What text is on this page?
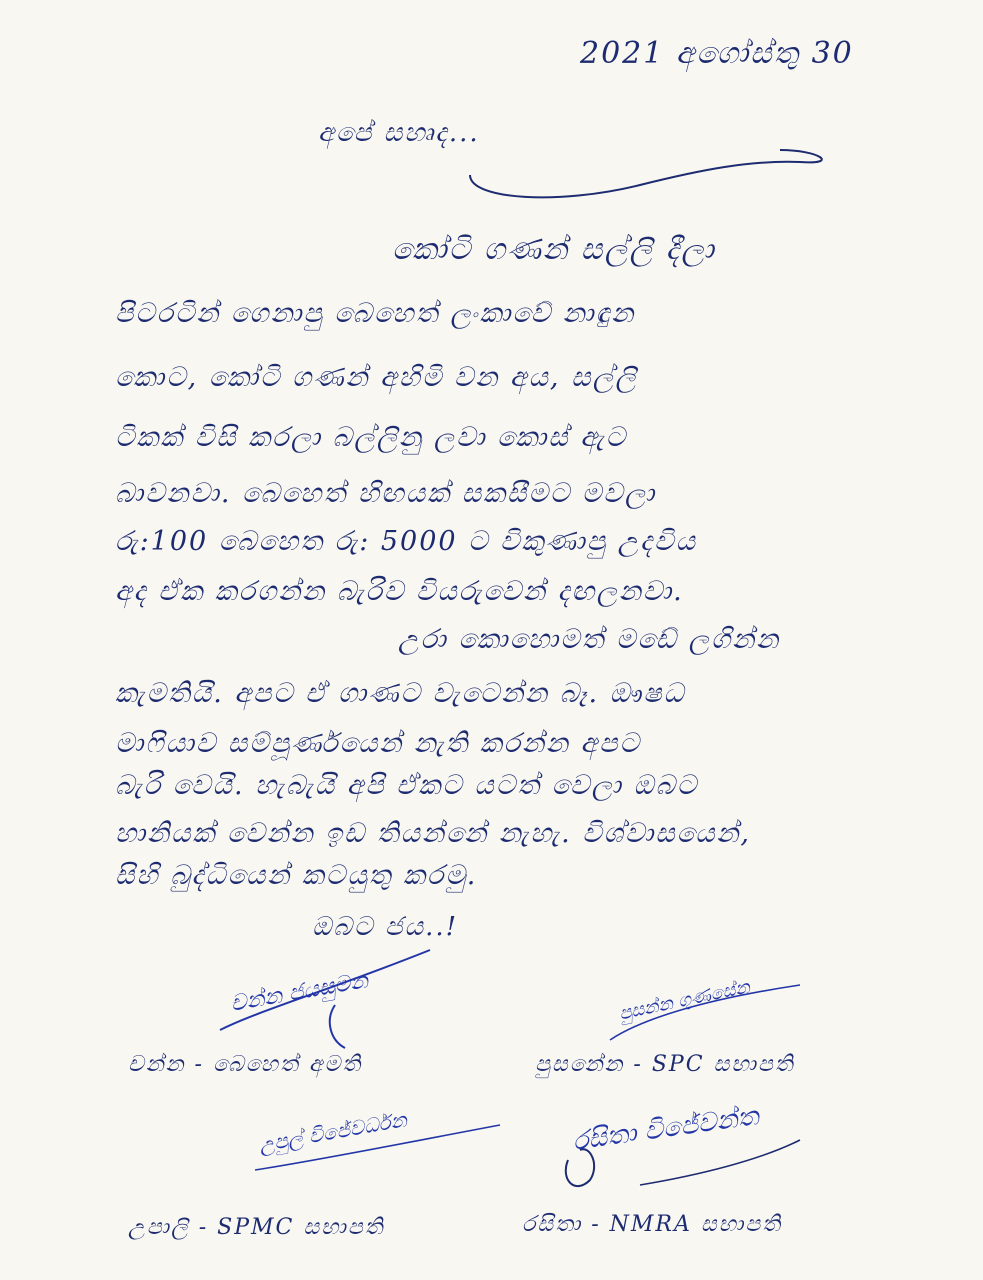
2021 අගෝස්තු 30
අපේ සහෘද...
කෝටි ගණන් සල්ලි දීලා
පිටරටින් ගෙනාපු බෙහෙත් ලංකාවේ නාඳුන
කොට, කෝටි ගණන් අහිමි වන අය, සල්ලි
ටිකක් විසි කරලා බල්ලිනු ලවා කොස් ඇට
බාවනවා. බෙහෙත් හිඟයක් සකසීමට මවලා
රු:100 බෙහෙත රු: 5000 ට විකුණාපු උදවිය
අද ඒක කරගන්න බැරිව වියරුවෙන් දඟලනවා.
උරා කොහොමත් මඩේ ලගින්න
කැමතියි. අපට ඒ ගාණට වැටෙන්න බෑ. ඖෂධ
මාෆියාව සම්පූර්ණයෙන් නැති කරන්න අපට
බැරි වෙයි. හැබැයි අපි ඒකට යටත් වෙලා ඔබට
හානියක් වෙන්න ඉඩ තියන්නේ නැහැ. විශ්වාසයෙන්,
සිහි බුද්ධියෙන් කටයුතු කරමු.
ඔබට ජය..!
චන්න ජයසුමන
චන්න - බෙහෙත් අමති
පුසන්න ගුණසේන
පුසනේන - SPC සභාපති
උපුල් විජේවර්ධන
උපාලි - SPMC සභාපති
රසිතා විජේවන්ත
රසිතා - NMRA සභාපති
